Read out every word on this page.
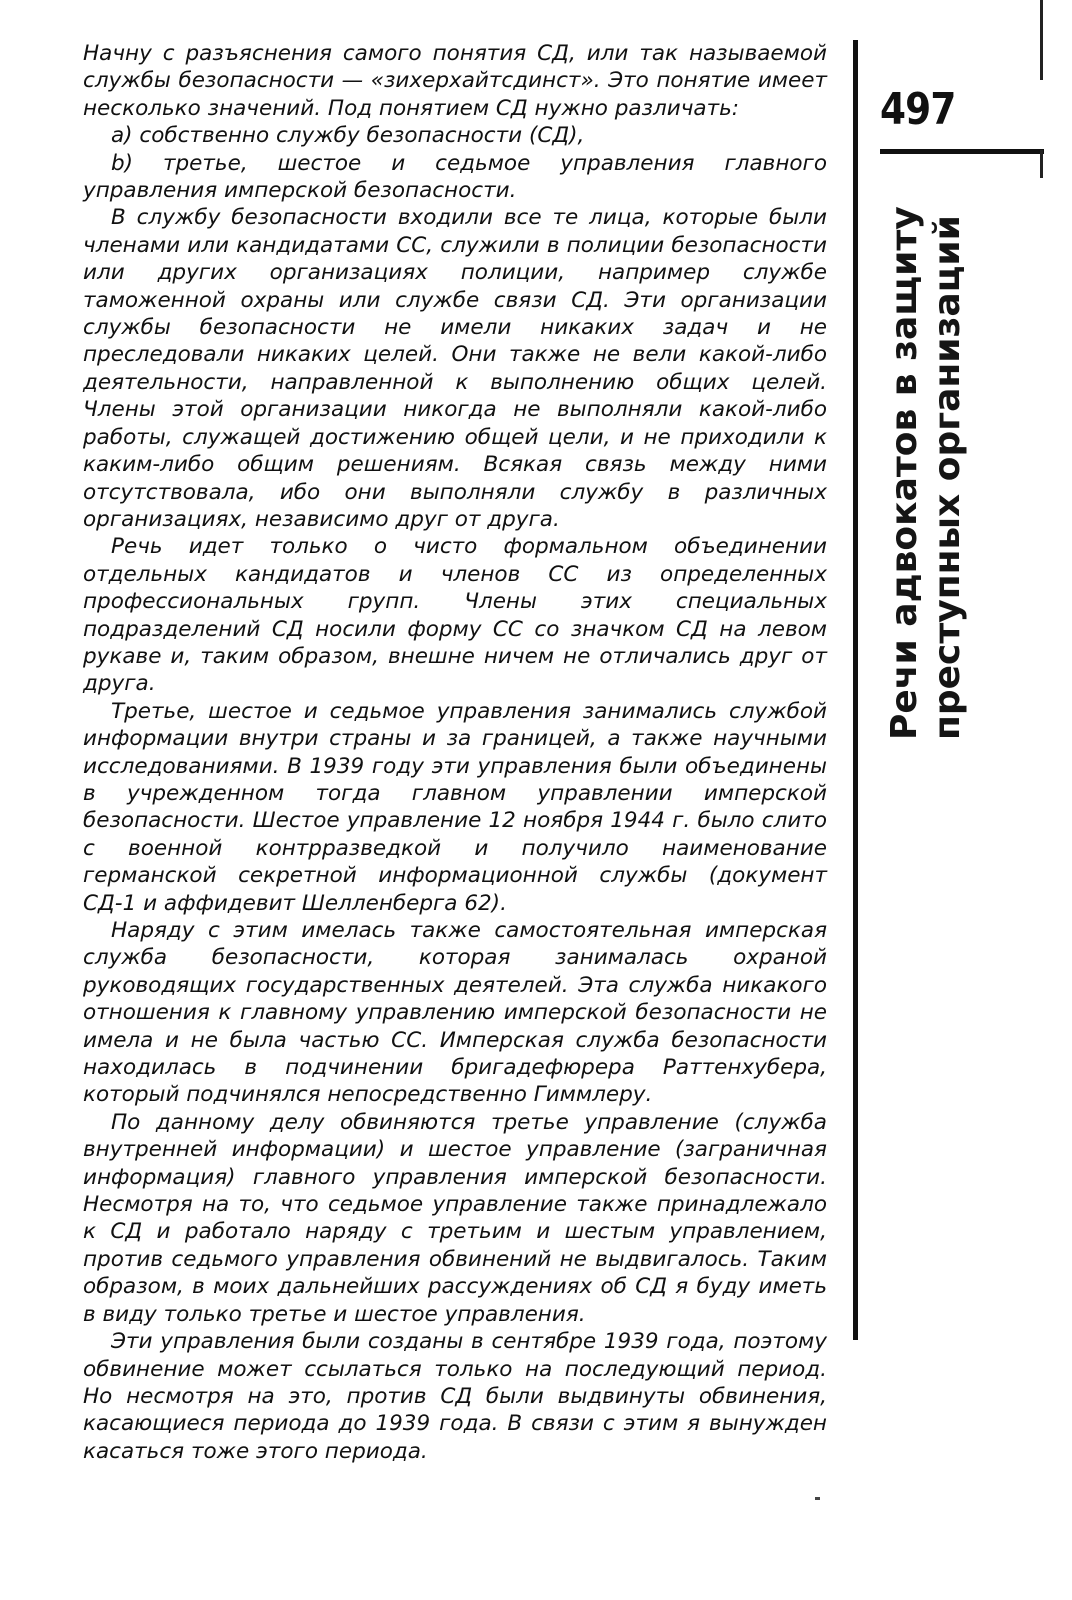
Начну с разъяснения самого понятия СД, или так называемой службы безопасности — «зихерхайтсдинст». Это понятие имеет несколько значений. Под понятием СД нужно различать:

а) собственно службу безопасности (СД),

b) третье, шестое и седьмое управления главного управления имперской безопасности.

В службу безопасности входили все те лица, которые были членами или кандидатами СС, служили в полиции безопасности или других организациях полиции, например службе таможенной охраны или службе связи СД. Эти организации службы безопасности не имели никаких задач и не преследовали никаких целей. Они также не вели какой-либо деятельности, направленной к выполнению общих целей. Члены этой организации никогда не выполняли какой-либо работы, служащей достижению общей цели, и не приходили к каким-либо общим решениям. Всякая связь между ними отсутствовала, ибо они выполняли службу в различных организациях, независимо друг от друга.

Речь идет только о чисто формальном объединении отдельных кандидатов и членов СС из определенных профессиональных групп. Члены этих специальных подразделений СД носили форму СС со значком СД на левом рукаве и, таким образом, внешне ничем не отличались друг от друга.

Третье, шестое и седьмое управления занимались службой информации внутри страны и за границей, а также научными исследованиями. В 1939 году эти управления были объединены в учрежденном тогда главном управлении имперской безопасности. Шестое управление 12 ноября 1944 г. было слито с военной контрразведкой и получило наименование германской секретной информационной службы (документ СД-1 и аффидевит Шелленберга 62).

Наряду с этим имелась также самостоятельная имперская служба безопасности, которая занималась охраной руководящих государственных деятелей. Эта служба никакого отношения к главному управлению имперской безопасности не имела и не была частью СС. Имперская служба безопасности находилась в подчинении бригадефюрера Раттенхубера, который подчинялся непосредственно Гиммлеру.

По данному делу обвиняются третье управление (служба внутренней информации) и шестое управление (заграничная информация) главного управления имперской безопасности. Несмотря на то, что седьмое управление также принадлежало к СД и работало наряду с третьим и шестым управлением, против седьмого управления обвинений не выдвигалось. Таким образом, в моих дальнейших рассуждениях об СД я буду иметь в виду только третье и шестое управления.

Эти управления были созданы в сентябре 1939 года, поэтому обвинение может ссылаться только на последующий период. Но несмотря на это, против СД были выдвинуты обвинения, касающиеся периода до 1939 года. В связи с этим я вынужден касаться тоже этого периода.

497
Речи адвокатов в защиту преступных организаций
